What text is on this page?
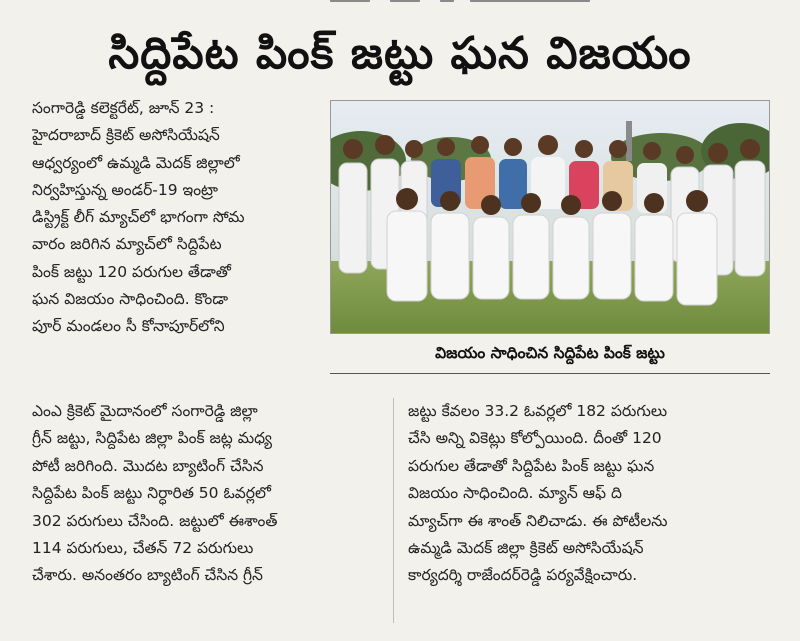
సిద్దిపేట పింక్ జట్టు ఘన విజయం
సంగారెడ్డి కలెక్టరేట్, జూన్ 23 :
హైదరాబాద్ క్రికెట్ అసోసియేషన్
ఆధ్వర్యంలో ఉమ్మడి మెదక్ జిల్లాలో
నిర్వహిస్తున్న అండర్-19 ఇంట్రా
డిస్ట్రిక్ట్ లీగ్ మ్యాచ్‌లో భాగంగా సోమ
వారం జరిగిన మ్యాచ్‌లో సిద్దిపేట
పింక్ జట్టు 120 పరుగుల తేడాతో
ఘన విజయం సాధించింది. కొండా
పూర్ మండలం సీ కోనాపూర్‌లోని
విజయం సాధించిన సిద్దిపేట పింక్ జట్టు
ఎంఎ క్రికెట్ మైదానంలో సంగారెడ్డి జిల్లా
గ్రీన్ జట్టు, సిద్దిపేట జిల్లా పింక్ జట్ల మధ్య
పోటీ జరిగింది. మొదట బ్యాటింగ్ చేసిన
సిద్దిపేట పింక్ జట్టు నిర్ధారిత 50 ఓవర్లలో
302 పరుగులు చేసింది. జట్టులో ఈశాంత్
114 పరుగులు, చేతన్ 72 పరుగులు
చేశారు. అనంతరం బ్యాటింగ్ చేసిన గ్రీన్
జట్టు కేవలం 33.2 ఓవర్లలో 182 పరుగులు
చేసి అన్ని వికెట్లు కోల్పోయింది. దీంతో 120
పరుగుల తేడాతో సిద్దిపేట పింక్ జట్టు ఘన
విజయం సాధించింది. మ్యాన్ ఆఫ్ ది
మ్యాచ్‌గా ఈ శాంత్ నిలిచాడు. ఈ పోటీలను
ఉమ్మడి మెదక్ జిల్లా క్రికెట్ అసోసియేషన్
కార్యదర్శి రాజేందర్‌రెడ్డి పర్యవేక్షించారు.
